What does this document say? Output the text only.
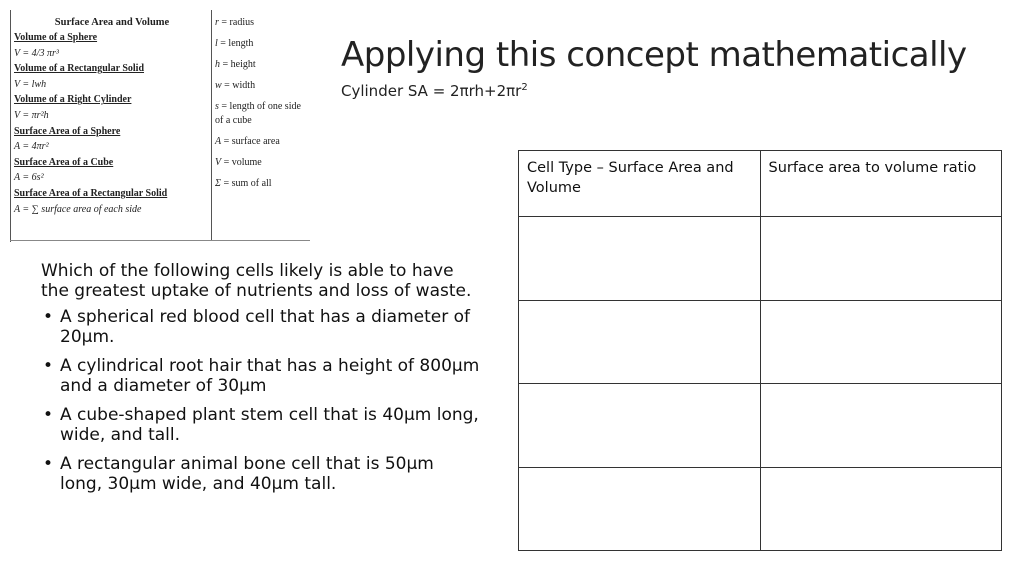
Surface Area and Volume
Volume of a Sphere
V = 4/3 πr³
Volume of a Rectangular Solid
V = lwh
Volume of a Right Cylinder
V = πr²h
Surface Area of a Sphere
A = 4πr²
Surface Area of a Cube
A = 6s²
Surface Area of a Rectangular Solid
A = ∑ surface area of each side
r = radius
l = length
h = height
w = width
s = length of one side of a cube
A = surface area
V = volume
Σ = sum of all
Applying this concept mathematically
Cylinder SA = $2\pi rh+2\pi r^2$

Which of the following cells likely is able to have the greatest uptake of nutrients and loss of waste.

• A spherical red blood cell that has a diameter of 20µm.
• A cylindrical root hair that has a height of 800µm and a diameter of 30µm
• A cube-shaped plant stem cell that is 40µm long, wide, and tall.
• A rectangular animal bone cell that is 50µm long, 30µm wide, and 40µm tall.
Cell Type – Surface Area and Volume	Surface area to volume ratio
